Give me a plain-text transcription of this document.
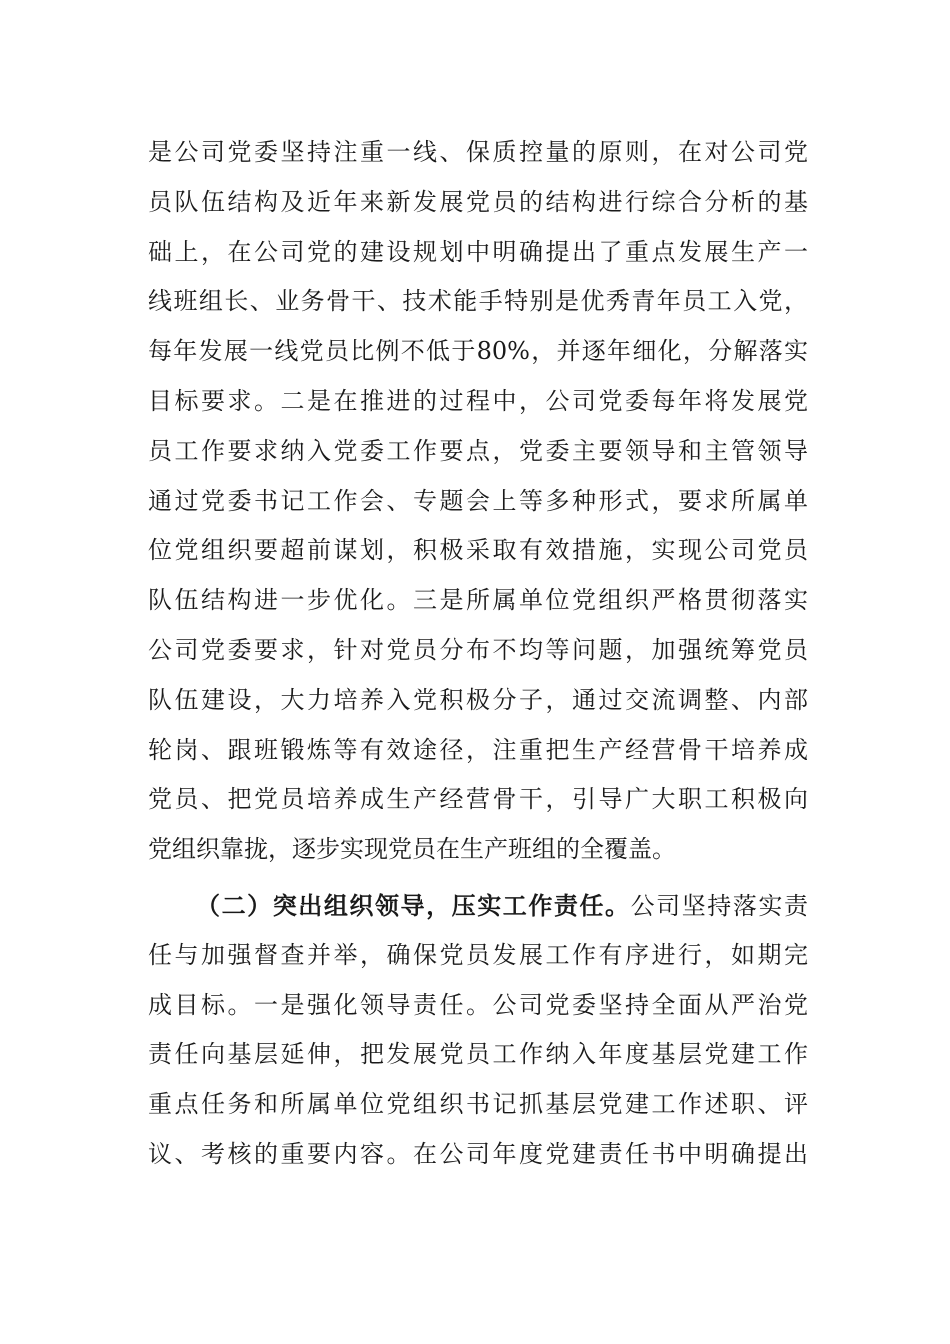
是公司党委坚持注重一线、保质控量的原则，在对公司党
员队伍结构及近年来新发展党员的结构进行综合分析的基
础上，在公司党的建设规划中明确提出了重点发展生产一
线班组长、业务骨干、技术能手特别是优秀青年员工入党，
每年发展一线党员比例不低于80%，并逐年细化，分解落实
目标要求。二是在推进的过程中，公司党委每年将发展党
员工作要求纳入党委工作要点，党委主要领导和主管领导
通过党委书记工作会、专题会上等多种形式，要求所属单
位党组织要超前谋划，积极采取有效措施，实现公司党员
队伍结构进一步优化。三是所属单位党组织严格贯彻落实
公司党委要求，针对党员分布不均等问题，加强统筹党员
队伍建设，大力培养入党积极分子，通过交流调整、内部
轮岗、跟班锻炼等有效途径，注重把生产经营骨干培养成
党员、把党员培养成生产经营骨干，引导广大职工积极向
党组织靠拢，逐步实现党员在生产班组的全覆盖。
（二）突出组织领导，压实工作责任。公司坚持落实责
任与加强督查并举，确保党员发展工作有序进行，如期完
成目标。一是强化领导责任。公司党委坚持全面从严治党
责任向基层延伸，把发展党员工作纳入年度基层党建工作
重点任务和所属单位党组织书记抓基层党建工作述职、评
议、考核的重要内容。在公司年度党建责任书中明确提出
